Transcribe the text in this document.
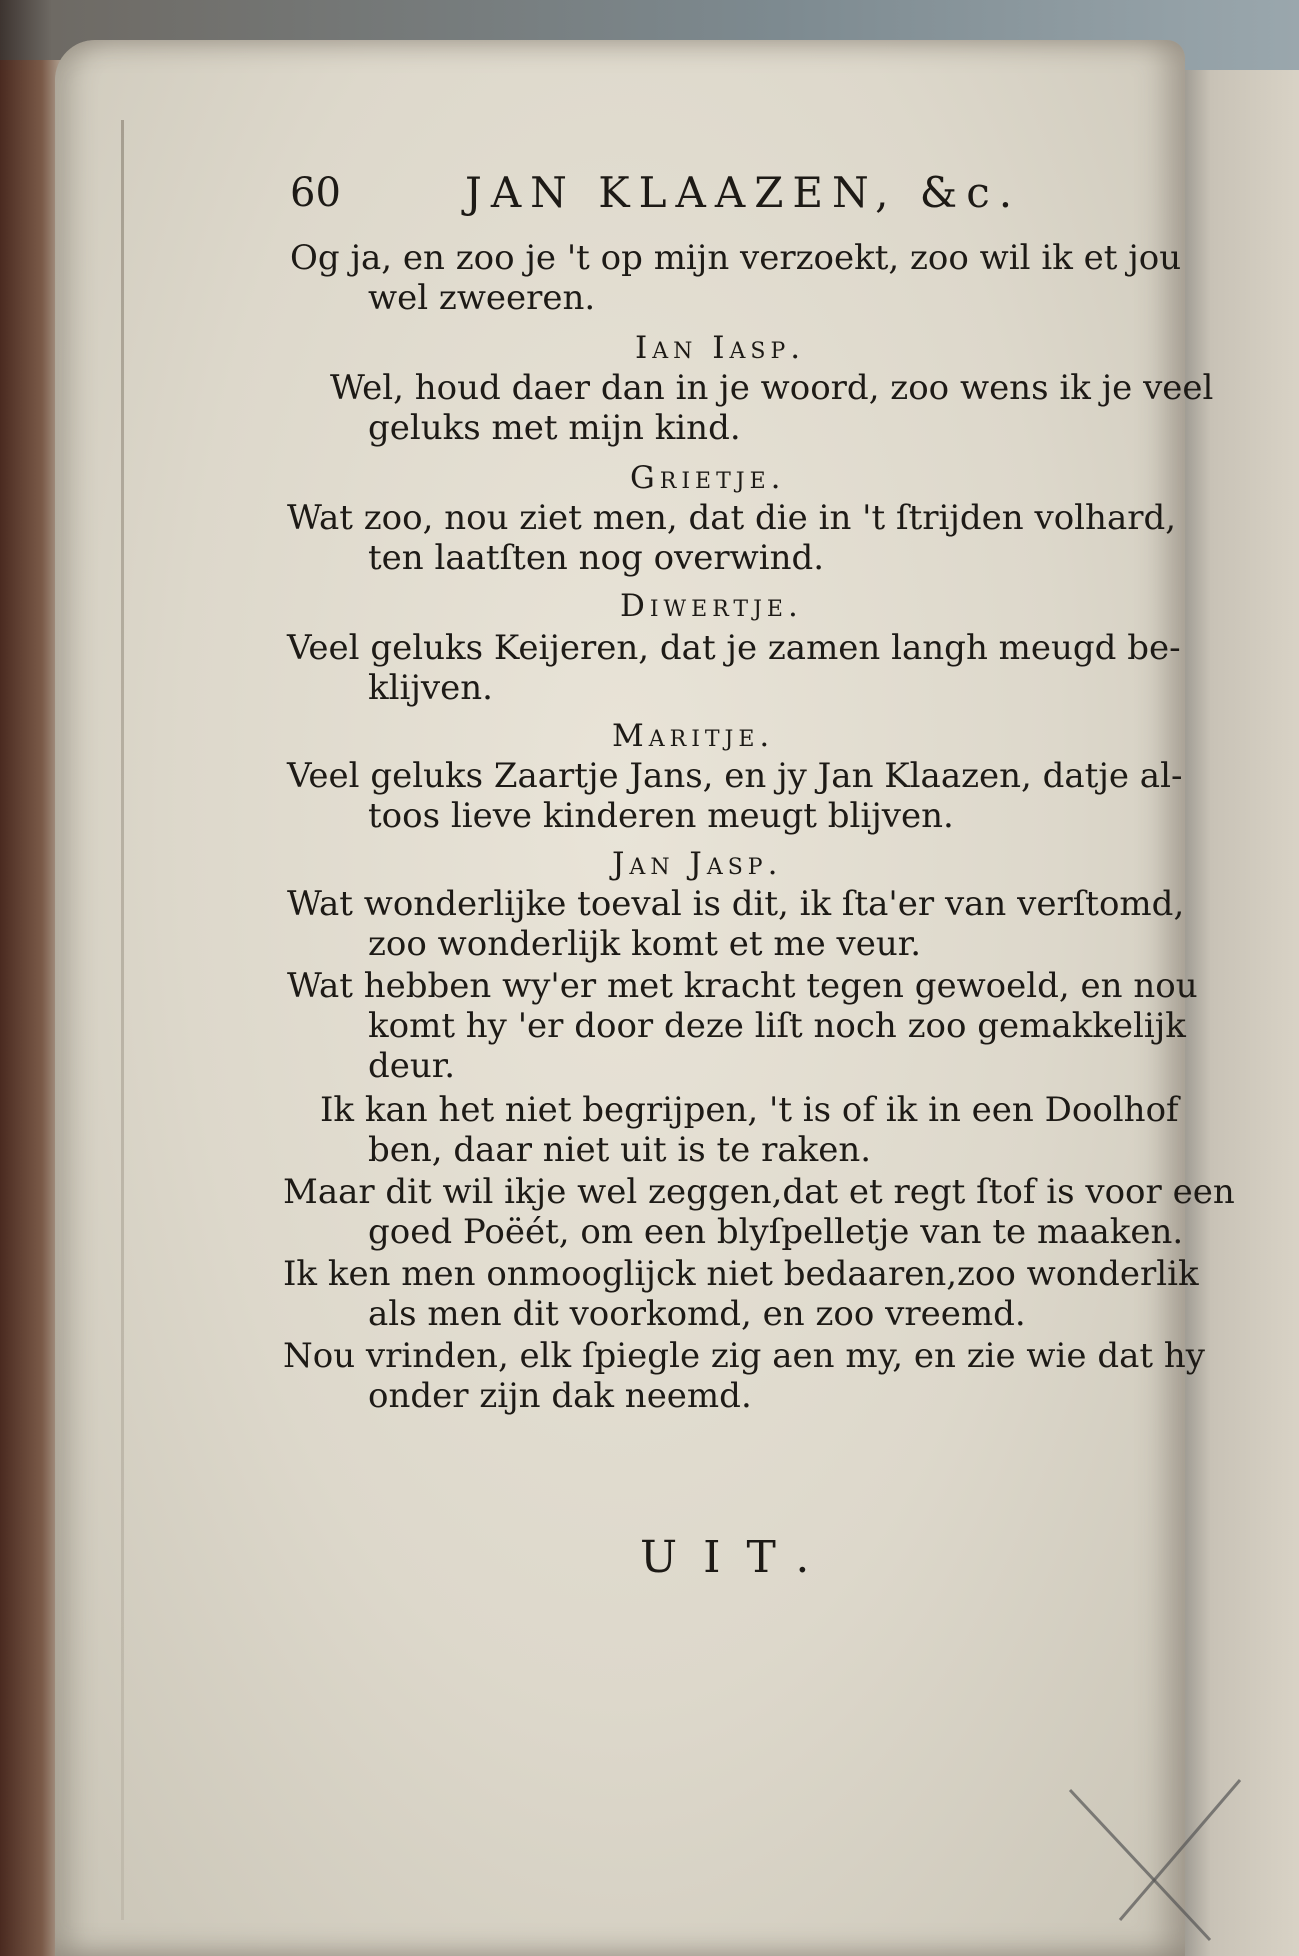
60	JAN KLAAZEN, &c.
Og ja, en zoo je 't op mijn verzoekt, zoo wil ik et jou
wel zweeren.
Ian Iasp.
Wel, houd daer dan in je woord, zoo wens ik je veel
geluks met mijn kind.
Grietje.
Wat zoo, nou ziet men, dat die in 't ſtrijden volhard,
ten laatſten nog overwind.
Diwertje.
Veel geluks Keijeren, dat je zamen langh meugd be-
klijven.
Maritje.
Veel geluks Zaartje Jans, en jy Jan Klaazen, datje al-
toos lieve kinderen meugt blijven.
Jan Jasp.
Wat wonderlijke toeval is dit, ik ſta'er van verſtomd,
zoo wonderlijk komt et me veur.
Wat hebben wy'er met kracht tegen gewoeld, en nou
komt hy 'er door deze liſt noch zoo gemakkelijk
deur.
Ik kan het niet begrijpen, 't is of ik in een Doolhof
ben, daar niet uit is te raken.
Maar dit wil ikje wel zeggen,dat et regt ſtof is voor een
goed Poëét, om een blyſpelletje van te maaken.
Ik ken men onmooglijck niet bedaaren,zoo wonderlik
als men dit voorkomd, en zoo vreemd.
Nou vrinden, elk ſpiegle zig aen my, en zie wie dat hy
onder zijn dak neemd.
UIT.
